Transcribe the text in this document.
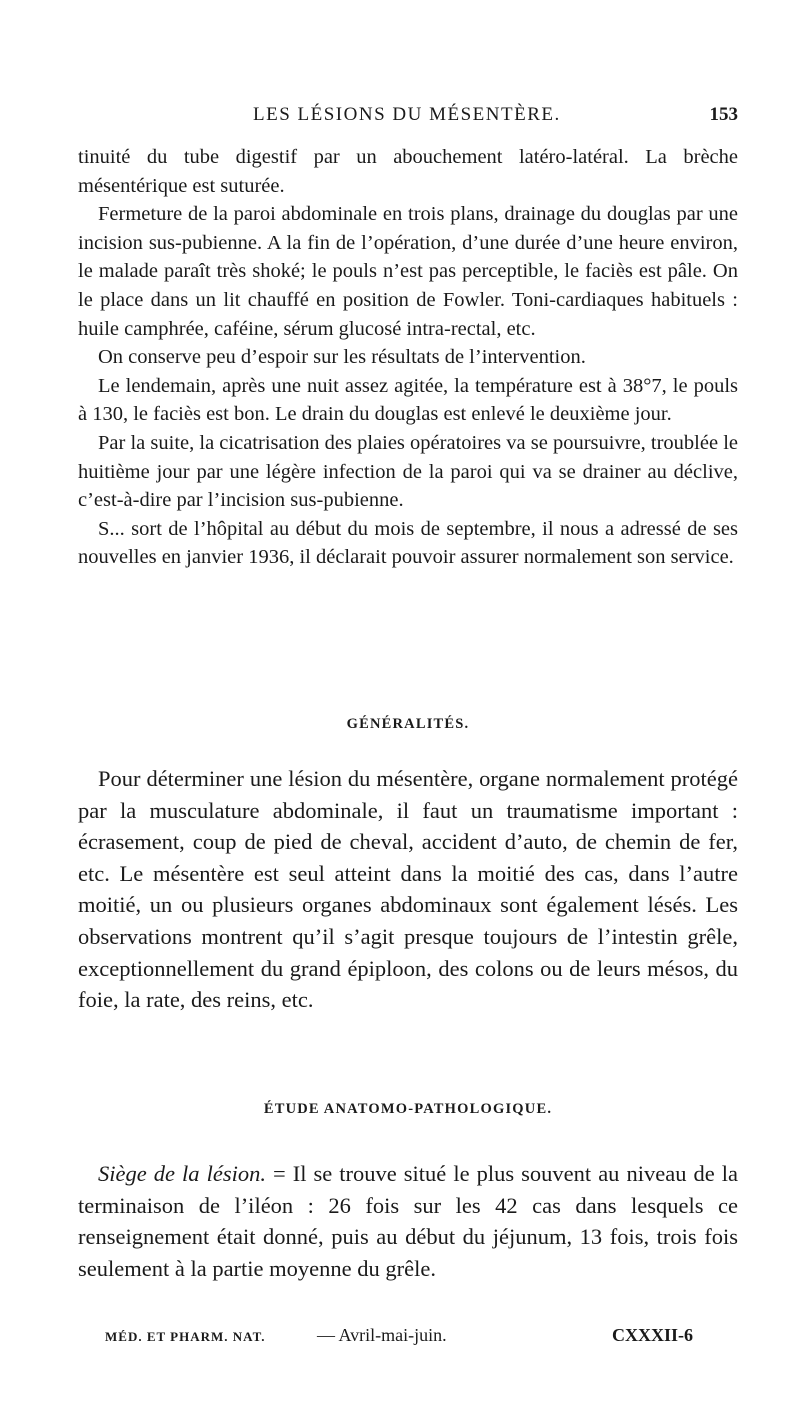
LES LÉSIONS DU MÉSENTÈRE.	153

tinuité du tube digestif par un abouchement latéro-latéral. La brèche mésentérique est suturée.

Fermeture de la paroi abdominale en trois plans, drainage du douglas par une incision sus-pubienne. A la fin de l’opération, d’une durée d’une heure environ, le malade paraît très shoké; le pouls n’est pas perceptible, le faciès est pâle. On le place dans un lit chauffé en position de Fowler. Toni-cardiaques habituels : huile camphrée, caféine, sérum glucosé intra-rectal, etc.

On conserve peu d’espoir sur les résultats de l’intervention.

Le lendemain, après une nuit assez agitée, la température est à 38°7, le pouls à 130, le faciès est bon. Le drain du douglas est enlevé le deuxième jour.

Par la suite, la cicatrisation des plaies opératoires va se poursuivre, troublée le huitième jour par une légère infection de la paroi qui va se drainer au déclive, c’est-à-dire par l’incision sus-pubienne.

S... sort de l’hôpital au début du mois de septembre, il nous a adressé de ses nouvelles en janvier 1936, il déclarait pouvoir assurer normalement son service.

GÉNÉRALITÉS.

Pour déterminer une lésion du mésentère, organe normalement protégé par la musculature abdominale, il faut un traumatisme important : écrasement, coup de pied de cheval, accident d’auto, de chemin de fer, etc. Le mésentère est seul atteint dans la moitié des cas, dans l’autre moitié, un ou plusieurs organes abdominaux sont également lésés. Les observations montrent qu’il s’agit presque toujours de l’intestin grêle, exceptionnellement du grand épiploon, des colons ou de leurs mésos, du foie, la rate, des reins, etc.

ÉTUDE ANATOMO-PATHOLOGIQUE.

Siège de la lésion. = Il se trouve situé le plus souvent au niveau de la terminaison de l’iléon : 26 fois sur les 42 cas dans lesquels ce renseignement était donné, puis au début du jéjunum, 13 fois, trois fois seulement à la partie moyenne du grêle.

MÉD. ET PHARM. NAT.	— Avril-mai-juin.	CXXXII-6
